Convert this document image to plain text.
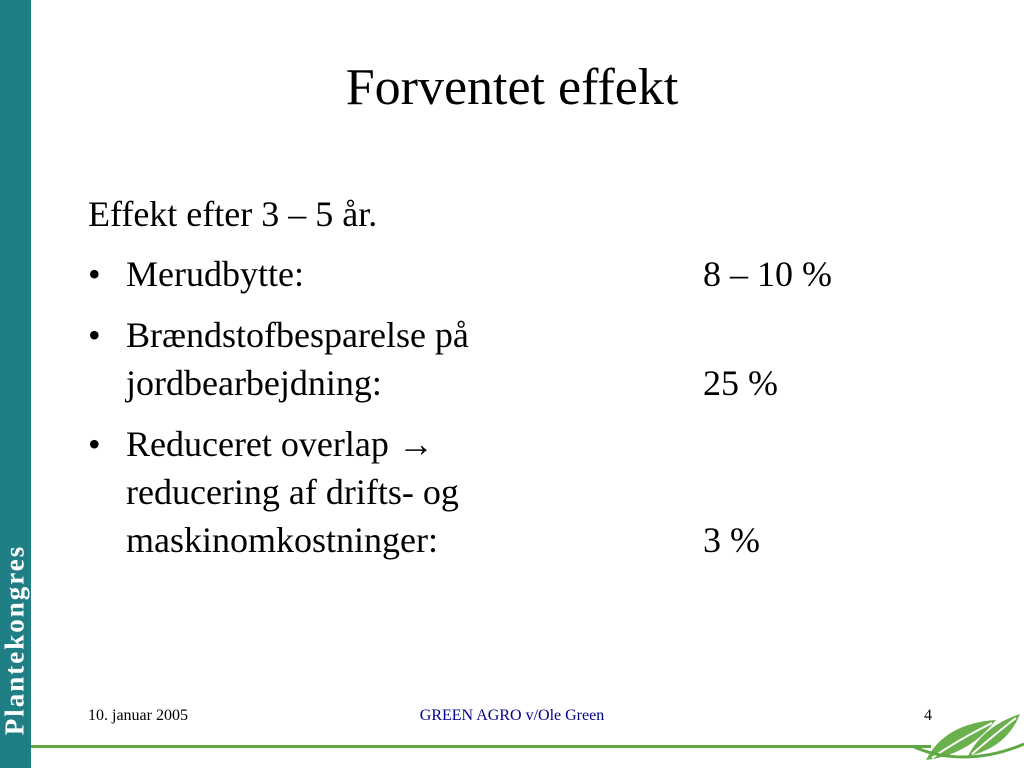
Plantekongres
Forventet effekt
Effekt efter 3 – 5 år.
• Merudbytte:	8 – 10 %
• Brændstofbesparelse på
jordbearbejdning:	25 %
• Reduceret overlap →
reducering af drifts- og
maskinomkostninger:	3 %
10. januar 2005	GREEN AGRO v/Ole Green	4
